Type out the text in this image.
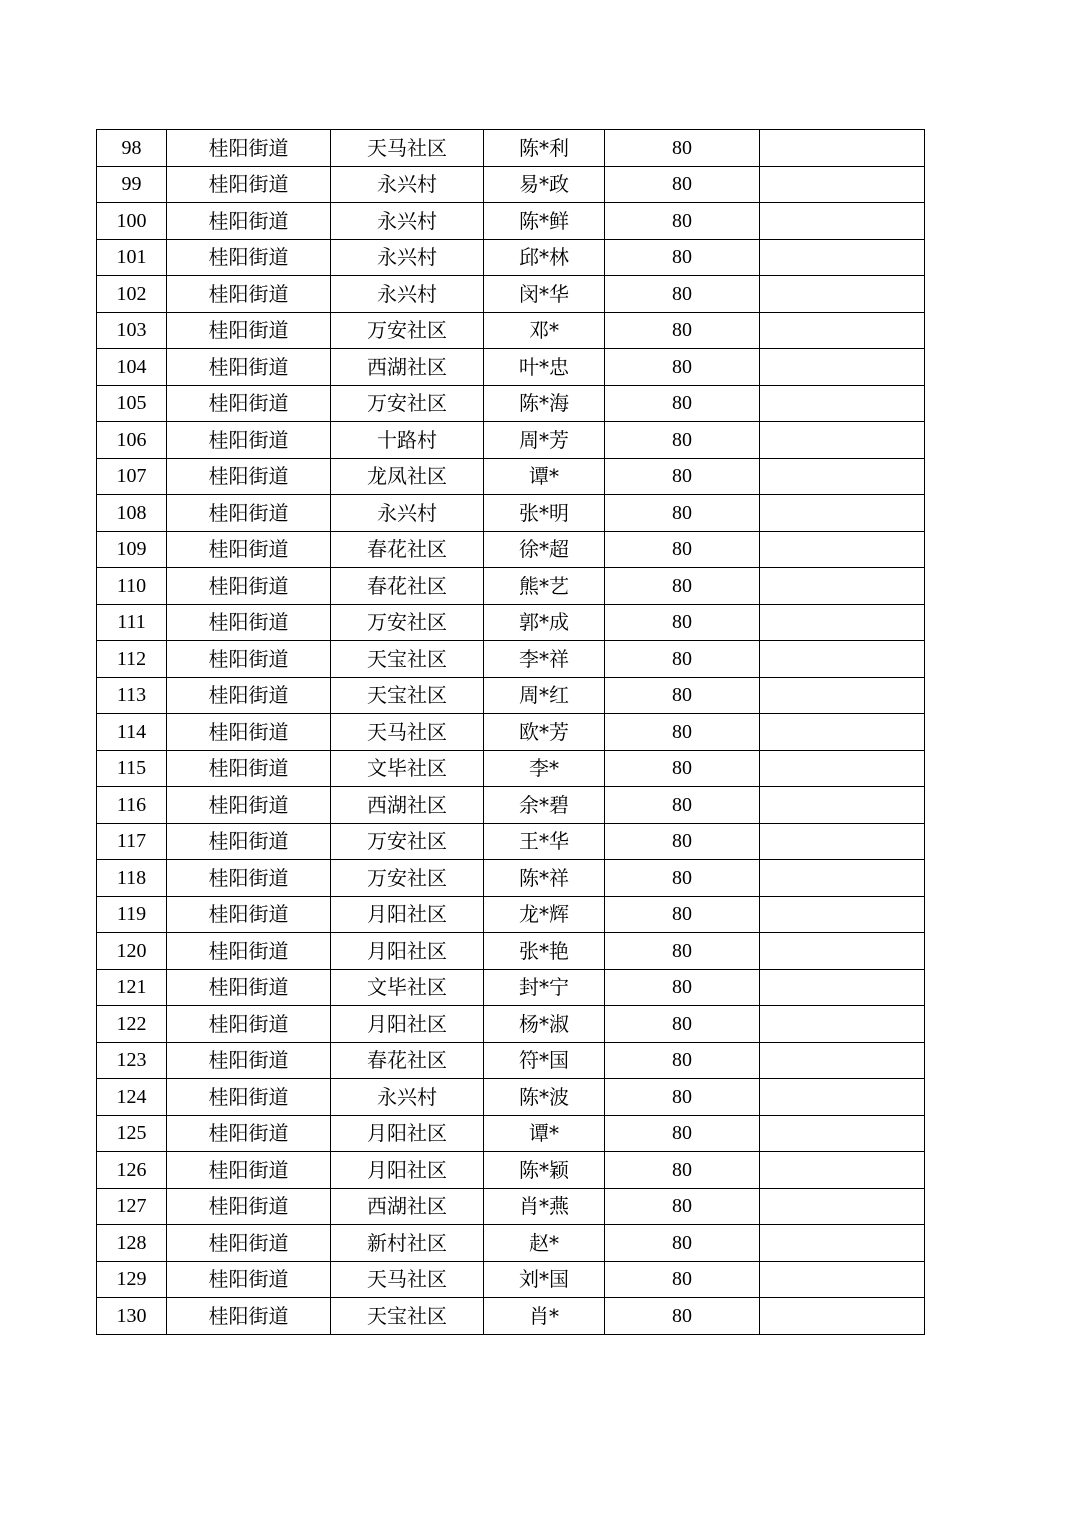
98	桂阳街道	天马社区	陈*利	80	
99	桂阳街道	永兴村	易*政	80	
100	桂阳街道	永兴村	陈*鲜	80	
101	桂阳街道	永兴村	邱*林	80	
102	桂阳街道	永兴村	闵*华	80	
103	桂阳街道	万安社区	邓*	80	
104	桂阳街道	西湖社区	叶*忠	80	
105	桂阳街道	万安社区	陈*海	80	
106	桂阳街道	十路村	周*芳	80	
107	桂阳街道	龙凤社区	谭*	80	
108	桂阳街道	永兴村	张*明	80	
109	桂阳街道	春花社区	徐*超	80	
110	桂阳街道	春花社区	熊*艺	80	
111	桂阳街道	万安社区	郭*成	80	
112	桂阳街道	天宝社区	李*祥	80	
113	桂阳街道	天宝社区	周*红	80	
114	桂阳街道	天马社区	欧*芳	80	
115	桂阳街道	文毕社区	李*	80	
116	桂阳街道	西湖社区	余*碧	80	
117	桂阳街道	万安社区	王*华	80	
118	桂阳街道	万安社区	陈*祥	80	
119	桂阳街道	月阳社区	龙*辉	80	
120	桂阳街道	月阳社区	张*艳	80	
121	桂阳街道	文毕社区	封*宁	80	
122	桂阳街道	月阳社区	杨*淑	80	
123	桂阳街道	春花社区	符*国	80	
124	桂阳街道	永兴村	陈*波	80	
125	桂阳街道	月阳社区	谭*	80	
126	桂阳街道	月阳社区	陈*颖	80	
127	桂阳街道	西湖社区	肖*燕	80	
128	桂阳街道	新村社区	赵*	80	
129	桂阳街道	天马社区	刘*国	80	
130	桂阳街道	天宝社区	肖*	80	
